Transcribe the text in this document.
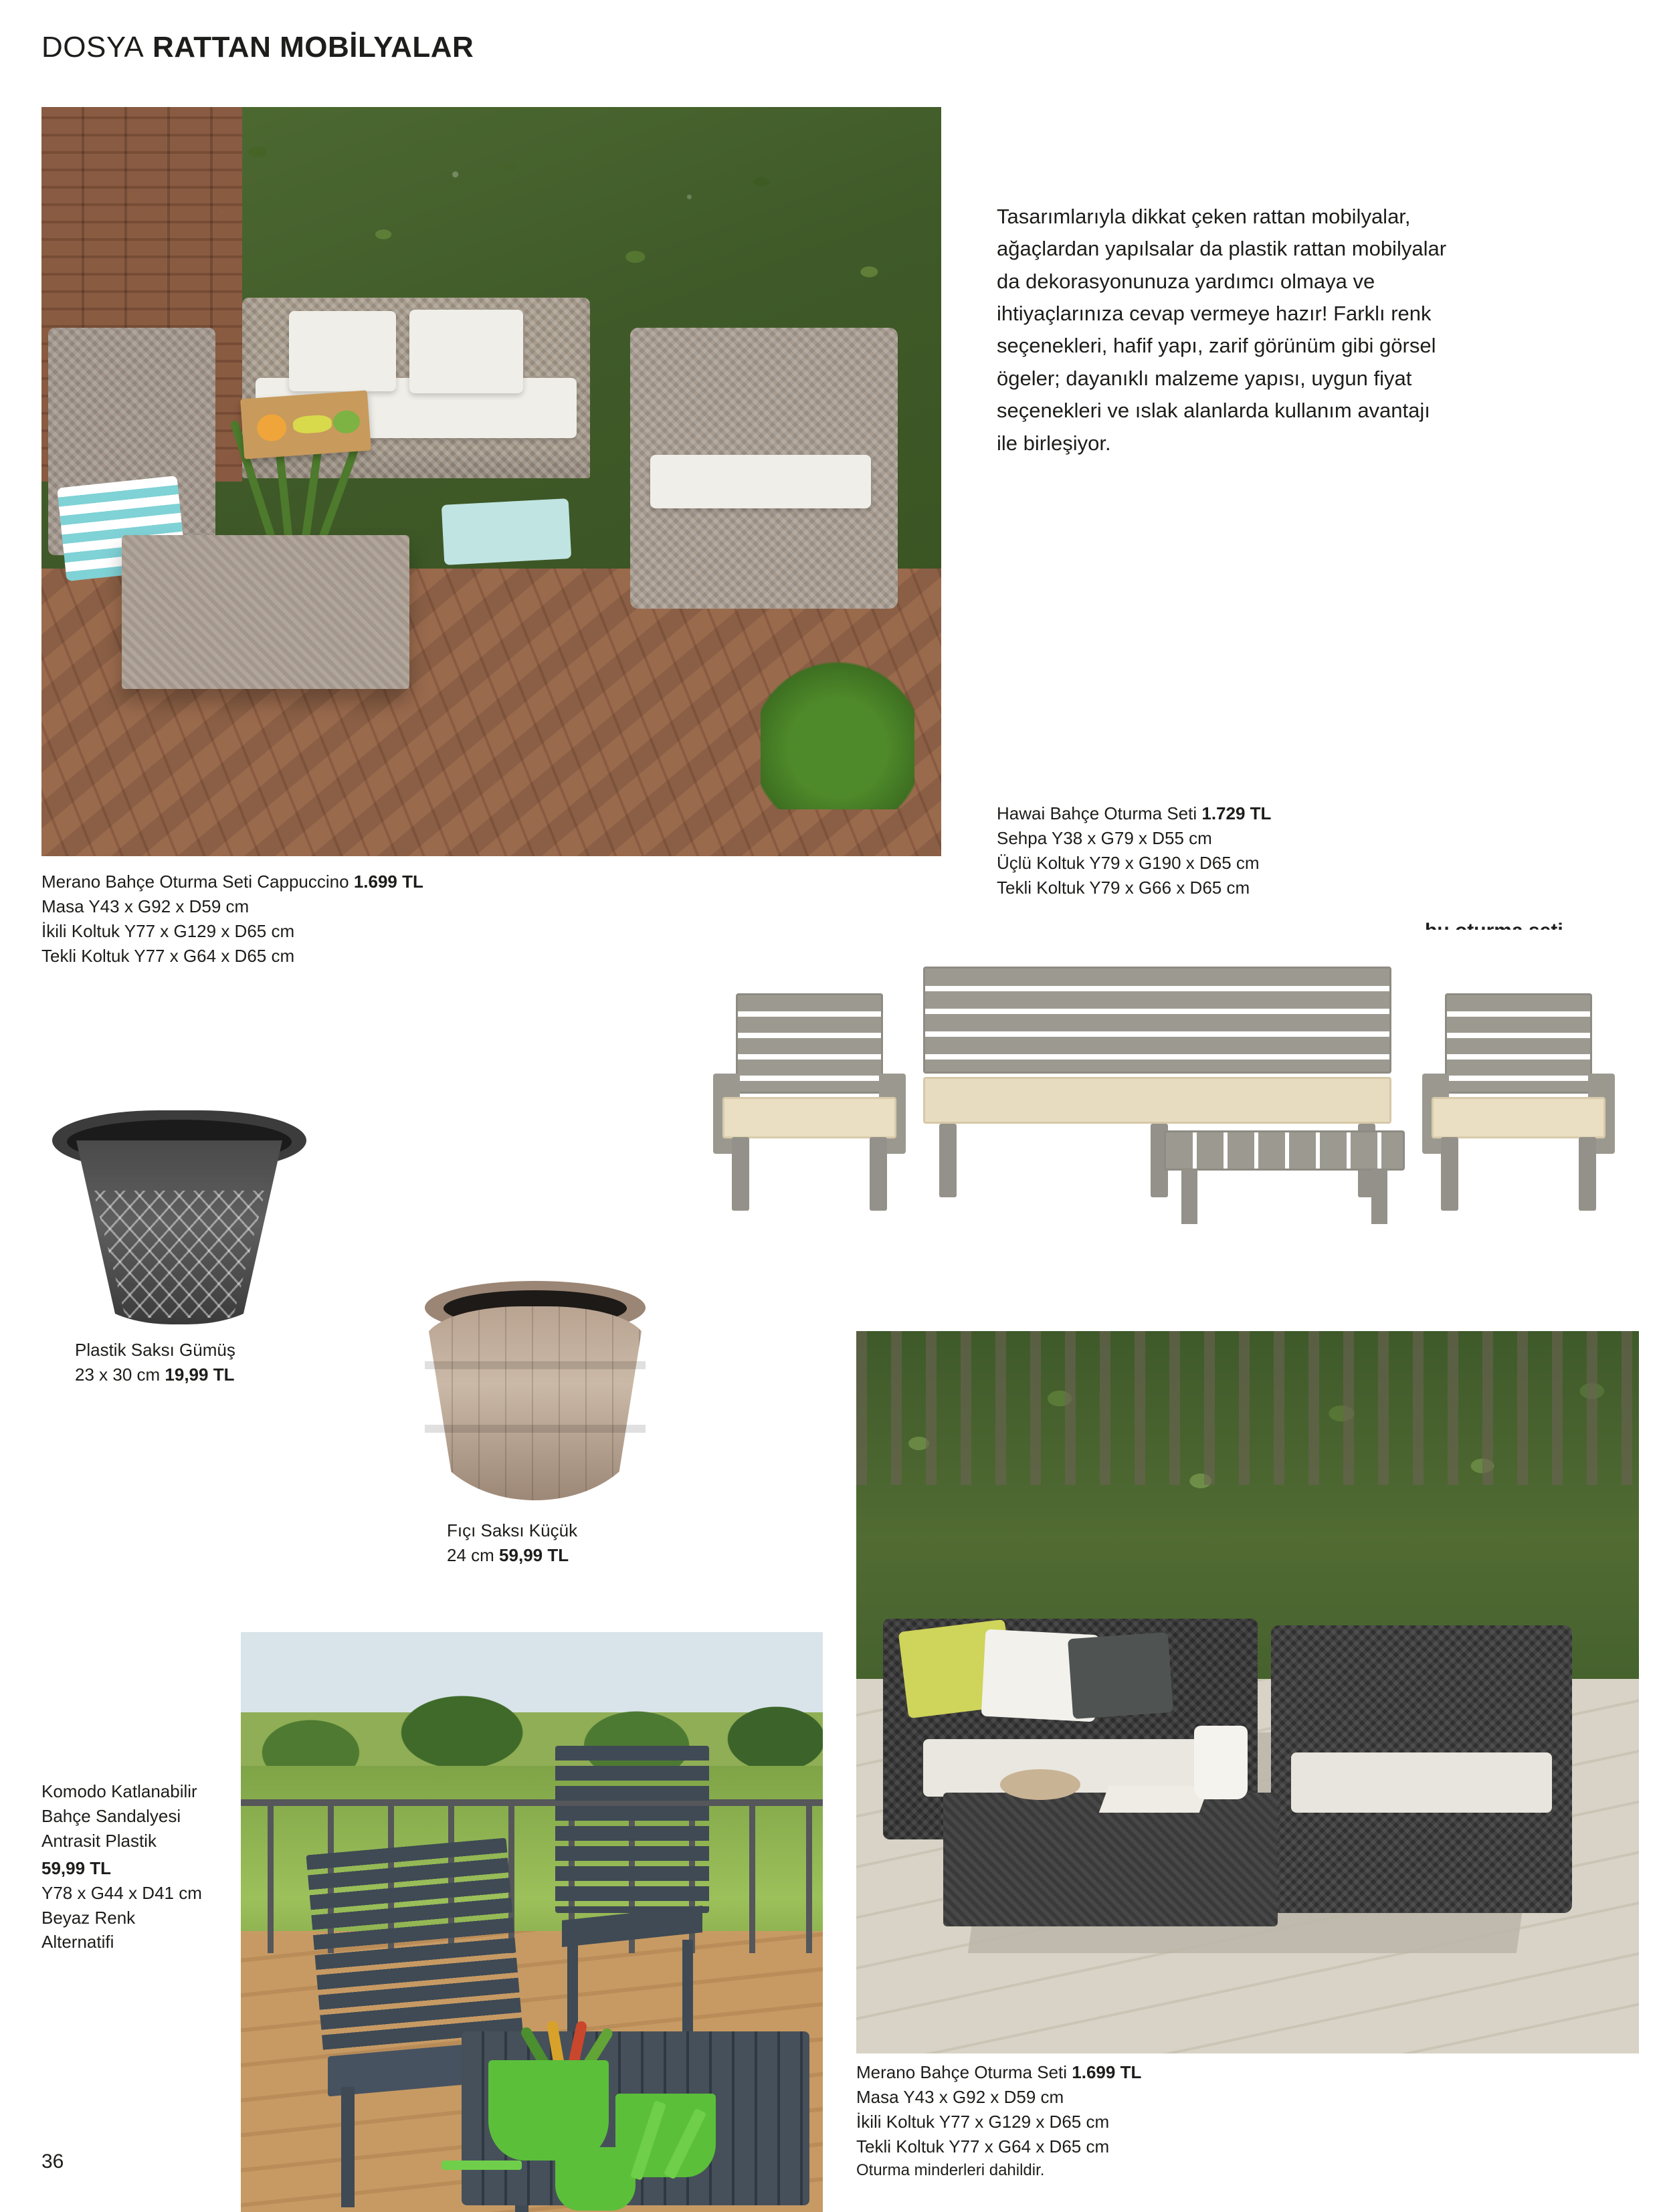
DOSYA RATTAN MOBİLYALAR
Merano Bahçe Oturma Seti Cappuccino 1.699 TL
Masa Y43 x G92 x D59 cm
İkili Koltuk Y77 x G129 x D65 cm
Tekli Koltuk Y77 x G64 x D65 cm
Tasarımlarıyla dikkat çeken rattan mobilyalar, ağaçlardan yapılsalar da plastik rattan mobilyalar da dekorasyonunuza yardımcı olmaya ve ihtiyaçlarınıza cevap vermeye hazır! Farklı renk seçenekleri, hafif yapı, zarif görünüm gibi görsel ögeler; dayanıklı malzeme yapısı, uygun fiyat seçenekleri ve ıslak alanlarda kullanım avantajı ile birleşiyor.
Hawai Bahçe Oturma Seti 1.729 TL
Sehpa Y38 x G79 x D55 cm
Üçlü Koltuk Y79 x G190 x D65 cm
Tekli Koltuk Y79 x G66 x D65 cm
Plastik Saksı Gümüş
23 x 30 cm 19,99 TL
Fıçı Saksı Küçük
24 cm 59,99 TL
Merano Bahçe Oturma Seti 1.699 TL
Masa Y43 x G92 x D59 cm
İkili Koltuk Y77 x G129 x D65 cm
Tekli Koltuk Y77 x G64 x D65 cm
Oturma minderleri dahildir.
Komodo Katlanabilir
Bahçe Sandalyesi
Antrasit Plastik
59,99 TL
Y78 x G44 x D41 cm
Beyaz Renk
Alternatifi
36
